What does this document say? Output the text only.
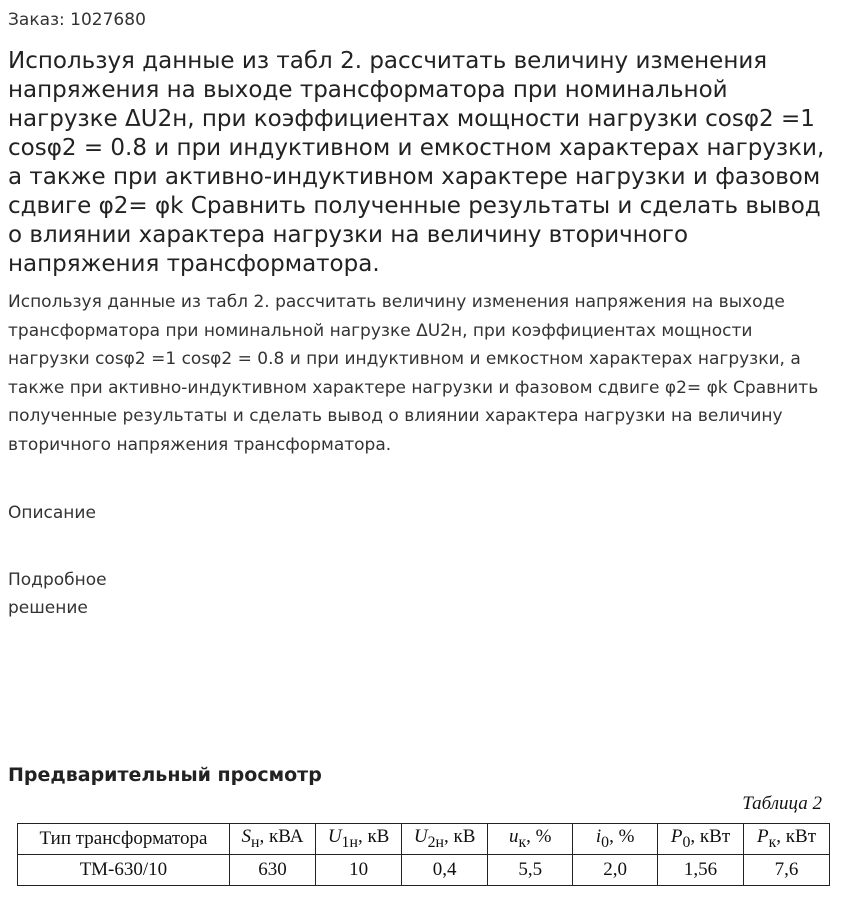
Заказ: 1027680
Используя данные из табл 2. рассчитать величину изменения напряжения на выходе трансформатора при номинальной нагрузке ΔU2н, при коэффициентах мощности нагрузки cosφ2 =1 cosφ2 = 0.8 и при индуктивном и емкостном характерах нагрузки, а также при активно-индуктивном характере нагрузки и фазовом сдвиге φ2= φk Сравнить полученные результаты и сделать вывод о влиянии характера нагрузки на величину вторичного напряжения трансформатора.

Используя данные из табл 2. рассчитать величину изменения напряжения на выходе трансформатора при номинальной нагрузке ΔU2н, при коэффициентах мощности нагрузки cosφ2 =1 cosφ2 = 0.8 и при индуктивном и емкостном характерах нагрузки, а также при активно-индуктивном характере нагрузки и фазовом сдвиге φ2= φk Сравнить полученные результаты и сделать вывод о влиянии характера нагрузки на величину вторичного напряжения трансформатора.

Описание
Подробное решение
Предварительный просмотр
Таблица 2
Тип трансформатора	$S_н$, кВА	$U_{1н}$, кВ	$U_{2н}$, кВ	$u_к$, %	$i_0$, %	$P_0$, кВт	$P_к$, кВт
ТМ-630/10	630	10	0,4	5,5	2,0	1,56	7,6
